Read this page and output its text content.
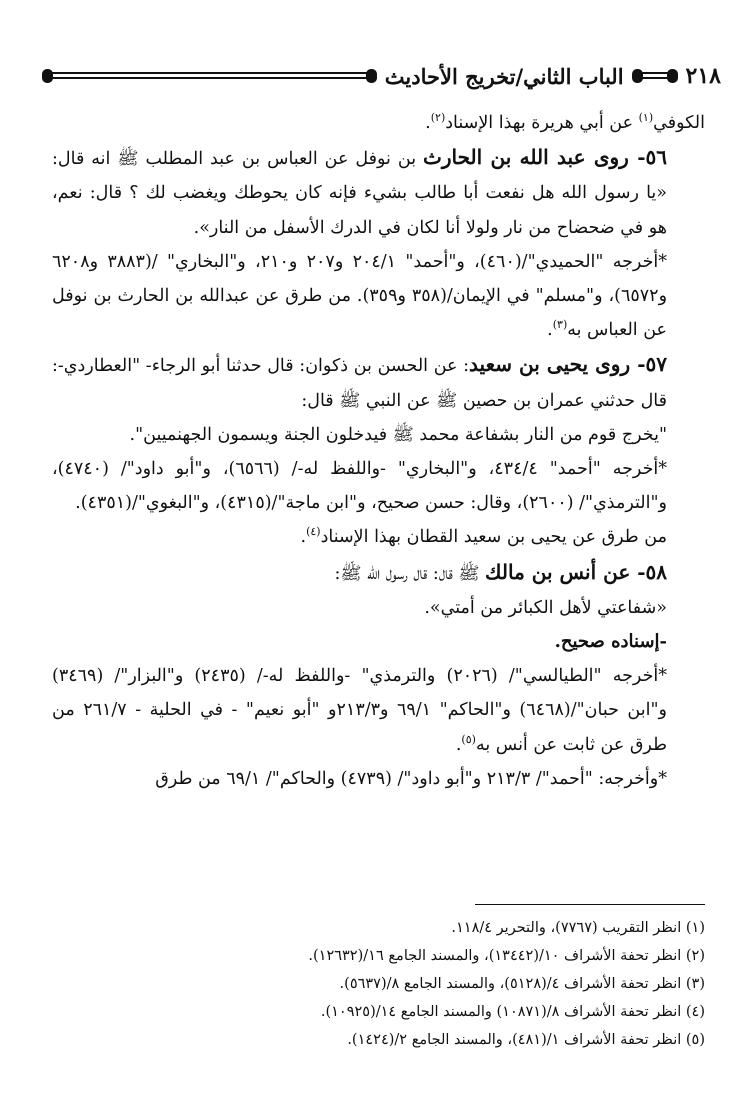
٢١٨
الباب الثاني/تخريج الأحاديث

الكوفي$^{(١)}$ عن أبي هريرة بهذا الإسناد$^{(٢)}$.

٥٦- روى عبد الله بن الحارث بن نوفل عن العباس بن عبد المطلب ﷺ انه قال: «يا رسول الله هل نفعت أبا طالب بشيء فإنه كان يحوطك ويغضب لك ؟ قال: نعم، هو في ضحضاح من نار ولولا أنا لكان في الدرك الأسفل من النار».

*أخرجه "الحميدي"/(٤٦٠)، و"أحمد" ٢٠٤/١ و٢٠٧ و٢١٠، و"البخاري" /(٣٨٨٣ و٦٢٠٨ و٦٥٧٢)، و"مسلم" في الإيمان/(٣٥٨ و٣٥٩). من طرق عن عبدالله بن الحارث بن نوفل عن العباس به$^{(٣)}$.

٥٧- روى يحيى بن سعيد: عن الحسن بن ذكوان: قال حدثنا أبو الرجاء- "العطاردي-: قال حدثني عمران بن حصين ﷺ عن النبي ﷺ قال:

"يخرج قوم من النار بشفاعة محمد ﷺ فيدخلون الجنة ويسمون الجهنميين".

*أخرجه "أحمد" ٤٣٤/٤، و"البخاري" -واللفظ له-/ (٦٥٦٦)، و"أبو داود"/ (٤٧٤٠)، و"الترمذي"/ (٢٦٠٠)، وقال: حسن صحيح، و"ابن ماجة"/(٤٣١٥)، و"البغوي"/(٤٣٥١).

من طرق عن يحيى بن سعيد القطان بهذا الإسناد$^{(٤)}$.

٥٨- عن أنس بن مالك ﷺ قال: قال رسول الله ﷺ:

«شفاعتي لأهل الكبائر من أمتي».

-إسناده صحيح.

*أخرجه "الطيالسي"/ (٢٠٢٦) والترمذي" -واللفظ له-/ (٢٤٣٥) و"البزار"/ (٣٤٦٩) و"ابن حبان"/(٦٤٦٨) و"الحاكم" ٦٩/١ و٢١٣/٣و "أبو نعيم" - في الحلية - ٢٦١/٧ من طرق عن ثابت عن أنس به$^{(٥)}$.

*وأخرجه: "أحمد"/ ٢١٣/٣ و"أبو داود"/ (٤٧٣٩) والحاكم"/ ٦٩/١ من طرق

(١) انظر التقريب (٧٧٦٧)، والتحرير ١١٨/٤.

(٢) انظر تحفة الأشراف ١٠/(١٣٤٤٢)، والمسند الجامع ١٦/(١٢٦٣٢).

(٣) انظر تحفة الأشراف ٤/(٥١٢٨)، والمسند الجامع ٨/(٥٦٣٧).

(٤) انظر تحفة الأشراف ٨/(١٠٨٧١) والمسند الجامع ١٤/(١٠٩٢٥).

(٥) انظر تحفة الأشراف ١/(٤٨١)، والمسند الجامع ٢/(١٤٢٤).
